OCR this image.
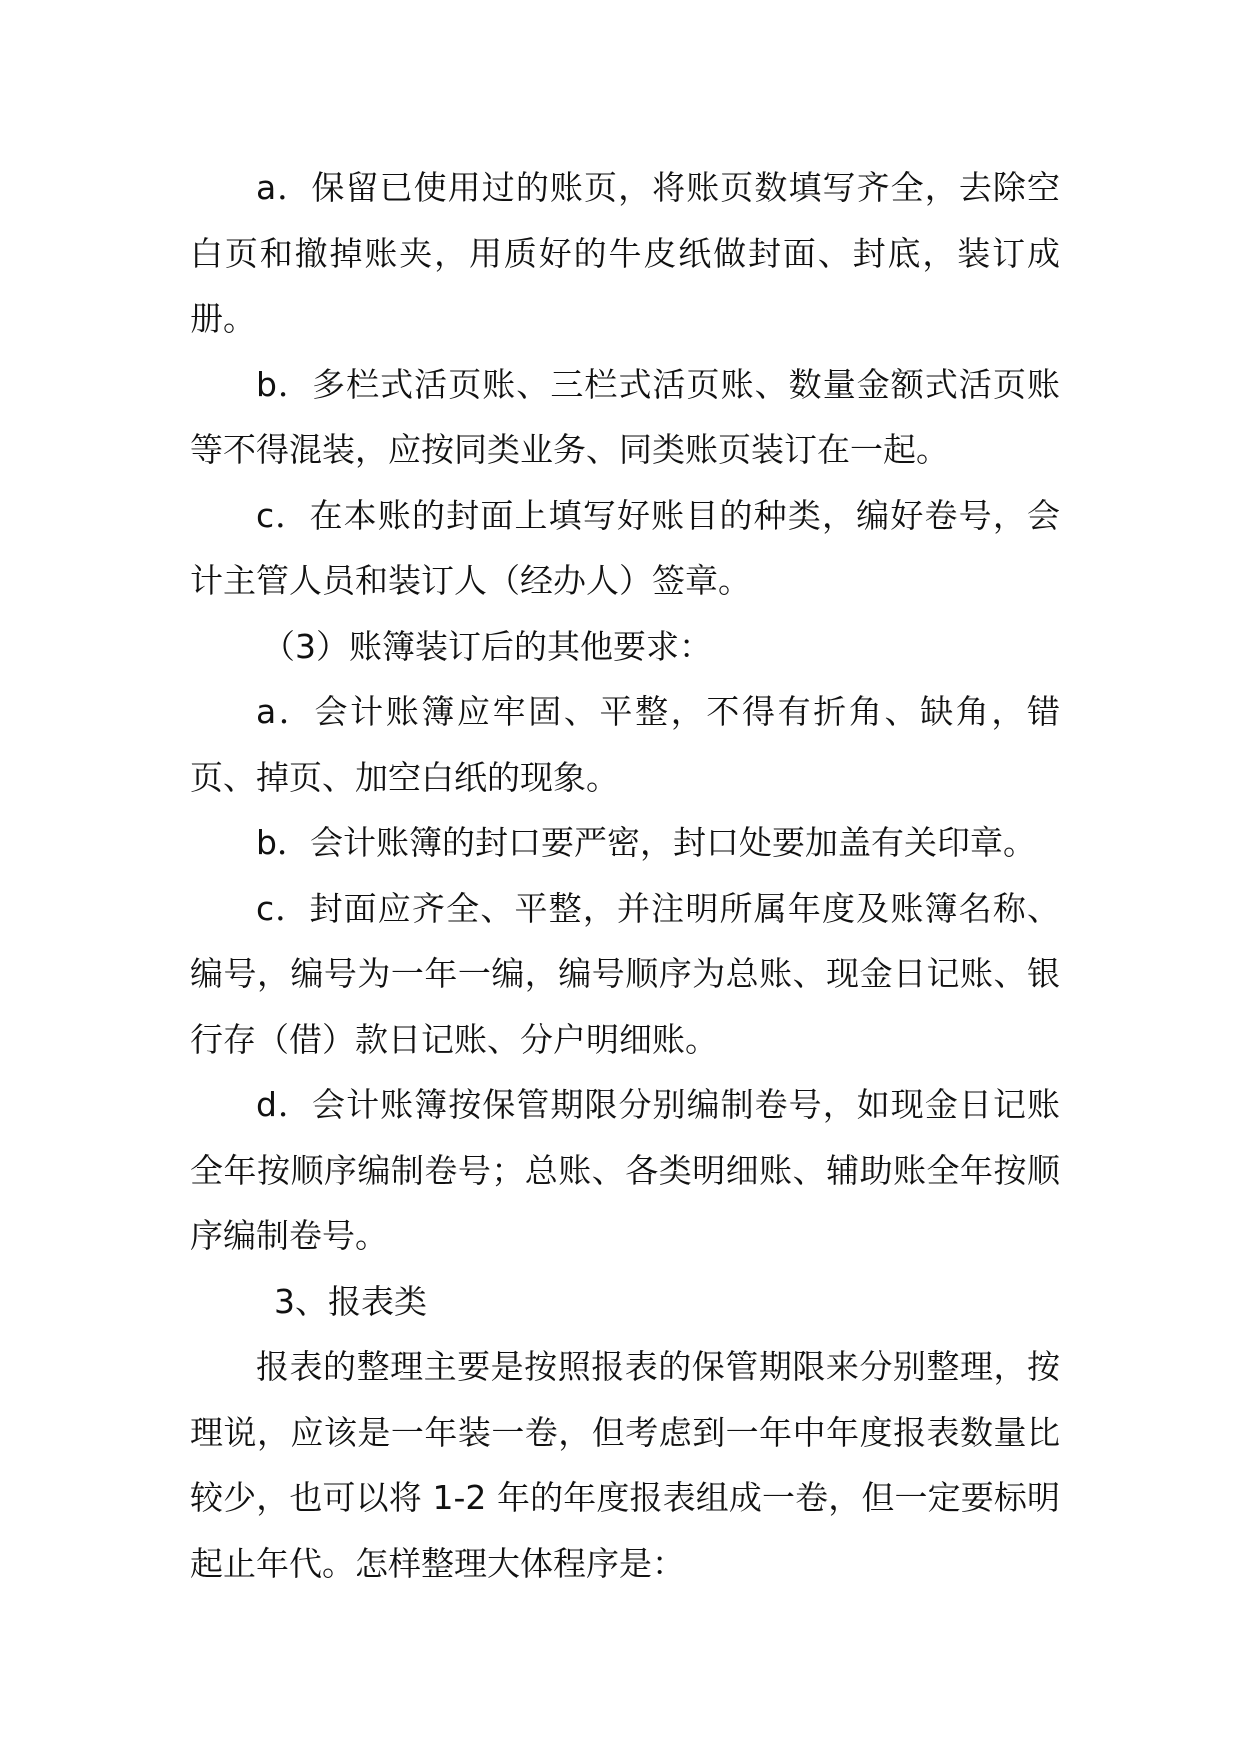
a．保留已使用过的账页，将账页数填写齐全，去除空白页和撤掉账夹，用质好的牛皮纸做封面、封底，装订成册。

b．多栏式活页账、三栏式活页账、数量金额式活页账等不得混装，应按同类业务、同类账页装订在一起。

c．在本账的封面上填写好账目的种类，编好卷号，会计主管人员和装订人（经办人）签章。

（3）账簿装订后的其他要求：

a．会计账簿应牢固、平整，不得有折角、缺角，错页、掉页、加空白纸的现象。

b．会计账簿的封口要严密，封口处要加盖有关印章。

c．封面应齐全、平整，并注明所属年度及账簿名称、编号，编号为一年一编，编号顺序为总账、现金日记账、银行存（借）款日记账、分户明细账。

d．会计账簿按保管期限分别编制卷号，如现金日记账全年按顺序编制卷号；总账、各类明细账、辅助账全年按顺序编制卷号。

3、报表类

报表的整理主要是按照报表的保管期限来分别整理，按理说，应该是一年装一卷，但考虑到一年中年度报表数量比较少，也可以将 1-2 年的年度报表组成一卷，但一定要标明起止年代。怎样整理大体程序是：
